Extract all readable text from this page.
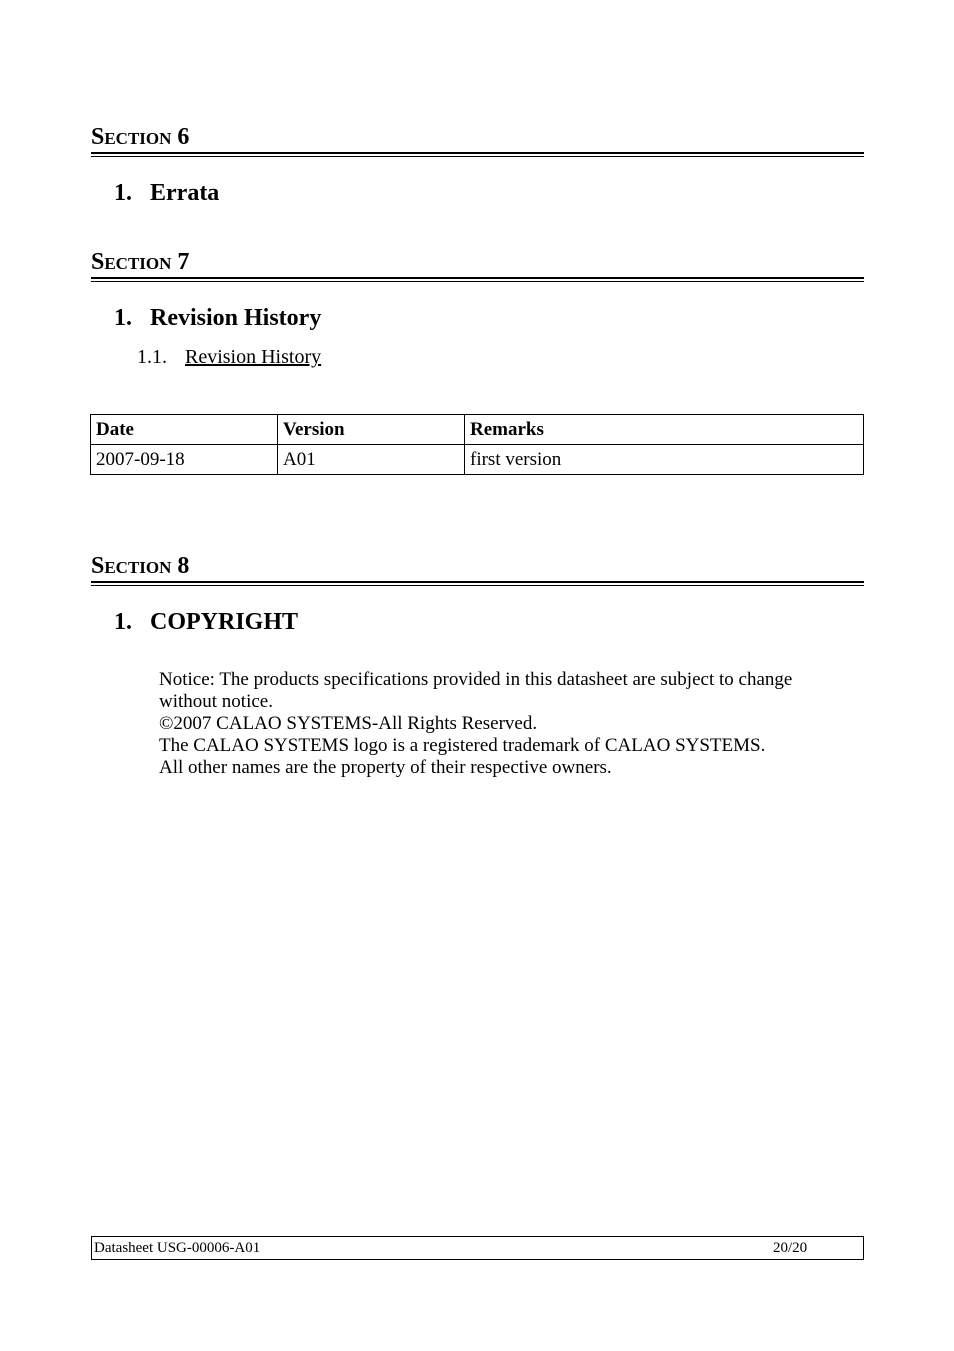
Section 6
1. Errata
Section 7
1. Revision History
1.1. Revision History
Date	Version	Remarks
2007-09-18	A01	first version
Section 8
1. COPYRIGHT

Notice: The products specifications provided in this datasheet are subject to change without notice.

©2007 CALAO SYSTEMS-All Rights Reserved.

The CALAO SYSTEMS logo is a registered trademark of CALAO SYSTEMS.

All other names are the property of their respective owners.

Datasheet USG-00006-A01	20/20
